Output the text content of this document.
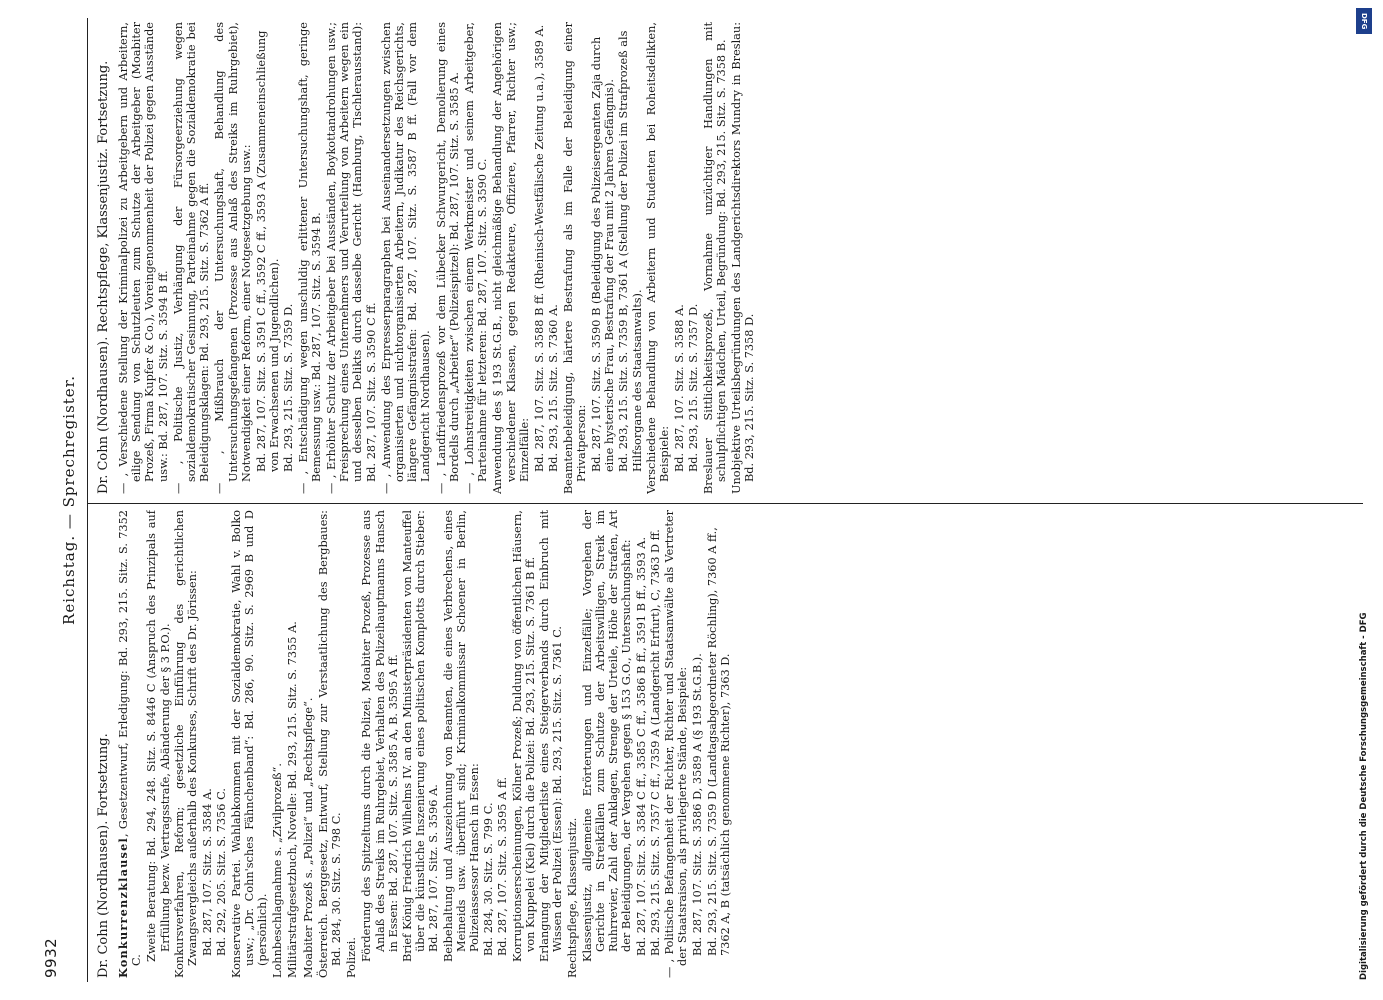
9932
Reichstag. — Sprechregister.
Dr. Cohn (Nordhausen). Fortsetzung. Konkurrenzklausel, Gesetzentwurf, Erledigung: Bd. 293, 215. Sitz. S. 7352 C. Zweite Beratung: Bd. 294, 248. Sitz. S. 8446 C (Anspruch des Prinzipals auf Erfüllung bezw. Vertragsstrafe, Abänderung der § 3 P.O.). Konkursverfahren, Reform; gesetzliche Einführung des gerichtlichen Zwangsvergleichs außerhalb des Konkurses, Schrift des Dr. Jörissen: Bd. 287, 107. Sitz. S. 3584 A. Bd. 292, 205. Sitz. S. 7356 C. Konservative Partei. Wahlabkommen mit der Sozialdemokratie, Wahl v. Bolko usw.; „Dr. Cohn'sches Fähnchenband“: Bd. 286, 90. Sitz. S. 2969 B und D (persönlich). Lohnbeschlagnahme s. „Zivilprozeß“. Militärstrafgesetzbuch, Novelle: Bd. 293, 215. Sitz. S. 7355 A. Moabiter Prozeß s. „Polizei“ und „Rechtspflege“. Österreich. Berggesetz, Entwurf, Stellung zur Verstaatlichung des Bergbaues: Bd. 284, 30. Sitz. S. 798 C. Polizei. Förderung des Spitzeltums durch die Polizei, Moabiter Prozeß, Prozesse aus Anlaß des Streiks im Ruhrgebiet, Verhalten des Polizeihauptmanns Hansch in Essen: Bd. 287, 107. Sitz. S. 3585 A, B. 3595 A ff. Brief König Friedrich Wilhelms IV. an den Ministerpräsidenten von Manteuffel über die künstliche Inszenierung eines politischen Komplotts durch Stieber: Bd. 287, 107. Sitz. S. 3596 A. Beibehaltung und Auszeichnung von Beamten, die eines Verbrechens, eines Meineids usw. überführt sind; Kriminalkommissar Schoener in Berlin, Polizeiassessor Hansch in Essen: Bd. 284, 30. Sitz. S. 799 C. Bd. 287, 107. Sitz. S. 3595 A ff. Korruptionserscheinungen, Kölner Prozeß; Duldung von öffentlichen Häusern, von Kuppelei (Kiel) durch die Polizei: Bd. 293, 215. Sitz. S. 7361 B ff. Erlangung der Mitgliederliste eines Steigerverbands durch Einbruch mit Wissen der Polizei (Essen): Bd. 293, 215. Sitz. S. 7361 C. Rechtspflege, Klassenjustiz. Klassenjustiz, allgemeine Erörterungen und Einzelfälle; Vorgehen der Gerichte in Streikfällen zum Schutze der Arbeitswilligen, Streik im Ruhrrevier, Zahl der Anklagen, Strenge der Urteile, Höhe der Strafen, Art der Beleidigungen, der Vergehen gegen § 153 G.O., Untersuchungshaft: Bd. 287, 107. Sitz. S. 3584 C ff., 3585 C ff., 3586 B ff., 3591 B ff., 3593 A. Bd. 293, 215. Sitz. S. 7357 C ff., 7359 A (Landgericht Erfurt), C, 7363 D ff. — , Politische Befangenheit der Richter, Richter und Staatsanwälte als Vertreter der Staatsraison, als privilegierte Stände, Beispiele: Bd. 287, 107. Sitz. S. 3586 D, 3589 A (§ 193 St.G.B.). Bd. 293, 215. Sitz. S. 7359 D (Landtagsabgeordneter Röchling), 7360 A ff., 7362 A, B (tatsächlich genommene Richter), 7363 D.
Dr. Cohn (Nordhausen). Rechtspflege, Klassenjustiz. Fortsetzung. — , Verschiedene Stellung der Kriminalpolizei zu Arbeitgebern und Arbeitern, eilige Sendung von Schutzleuten zum Schutze der Arbeitgeber (Moabiter Prozeß, Firma Kupfer & Co.), Voreingenommenheit der Polizei gegen Ausstände usw.: Bd. 287, 107. Sitz. S. 3594 B ff. — , Politische Justiz, Verhängung der Fürsorgeerziehung wegen sozialdemokratischer Gesinnung, Parteinahme gegen die Sozialdemokratie bei Beleidigungsklagen: Bd. 293, 215. Sitz. S. 7362 A ff. — , Mißbrauch der Untersuchungshaft, Behandlung des Untersuchungsgefangenen (Prozesse aus Anlaß des Streiks im Ruhrgebiet), Notwendigkeit einer Reform, einer Notgesetzgebung usw.: Bd. 287, 107. Sitz. S. 3591 C ff., 3592 C ff., 3593 A (Zusammeneinschließung von Erwachsenen und Jugendlichen). Bd. 293, 215. Sitz. S. 7359 D. — , Entschädigung wegen unschuldig erlittener Untersuchungshaft, geringe Bemessung usw.: Bd. 287, 107. Sitz. S. 3594 B. — , Erhöhter Schutz der Arbeitgeber bei Ausständen, Boykottandrohungen usw.; Freisprechung eines Unternehmers und Verurteilung von Arbeitern wegen ein und desselben Delikts durch dasselbe Gericht (Hamburg, Tischlerausstand): Bd. 287, 107. Sitz. S. 3590 C ff. — , Anwendung des Erpresserparagraphen bei Auseinandersetzungen zwischen organisierten und nichtorganisierten Arbeitern, Judikatur des Reichsgerichts, längere Gefängnisstrafen: Bd. 287, 107. Sitz. S. 3587 B ff. (Fall vor dem Landgericht Nordhausen). — , Landfriedensprozeß vor dem Lübecker Schwurgericht, Demolierung eines Bordells durch „Arbeiter“ (Polizeispitzel): Bd. 287, 107. Sitz. S. 3585 A. — , Lohnstreitigkeiten zwischen einem Werkmeister und seinem Arbeitgeber, Parteinahme für letzteren: Bd. 287, 107. Sitz. S. 3590 C. Anwendung des § 193 St.G.B., nicht gleichmäßige Behandlung der Angehörigen verschiedener Klassen, gegen Redakteure, Offiziere, Pfarrer, Richter usw.; Einzelfälle: Bd. 287, 107. Sitz. S. 3588 B ff. (Rheinisch-Westfälische Zeitung u.a.), 3589 A. Bd. 293, 215. Sitz. S. 7360 A. Beamtenbeleidigung, härtere Bestrafung als im Falle der Beleidigung einer Privatperson: Bd. 287, 107. Sitz. S. 3590 B (Beleidigung des Polizeisergeanten Zaja durch eine hysterische Frau, Bestrafung der Frau mit 2 Jahren Gefängnis). Bd. 293, 215. Sitz. S. 7359 B, 7361 A (Stellung der Polizei im Strafprozeß als Hilfsorgane des Staatsanwalts). Verschiedene Behandlung von Arbeitern und Studenten bei Roheitsdelikten, Beispiele: Bd. 287, 107. Sitz. S. 3588 A. Bd. 293, 215. Sitz. S. 7357 D. Breslauer Sittlichkeitsprozeß, Vornahme unzüchtiger Handlungen mit schulpflichtigen Mädchen, Urteil, Begründung: Bd. 293, 215. Sitz. S. 7358 B. Unobjektive Urteilsbegründungen des Landgerichtsdirektors Mundry in Breslau: Bd. 293, 215. Sitz. S. 7358 D.
DFG
Digitalisierung gefördert durch die Deutsche Forschungsgemeinschaft - DFG
